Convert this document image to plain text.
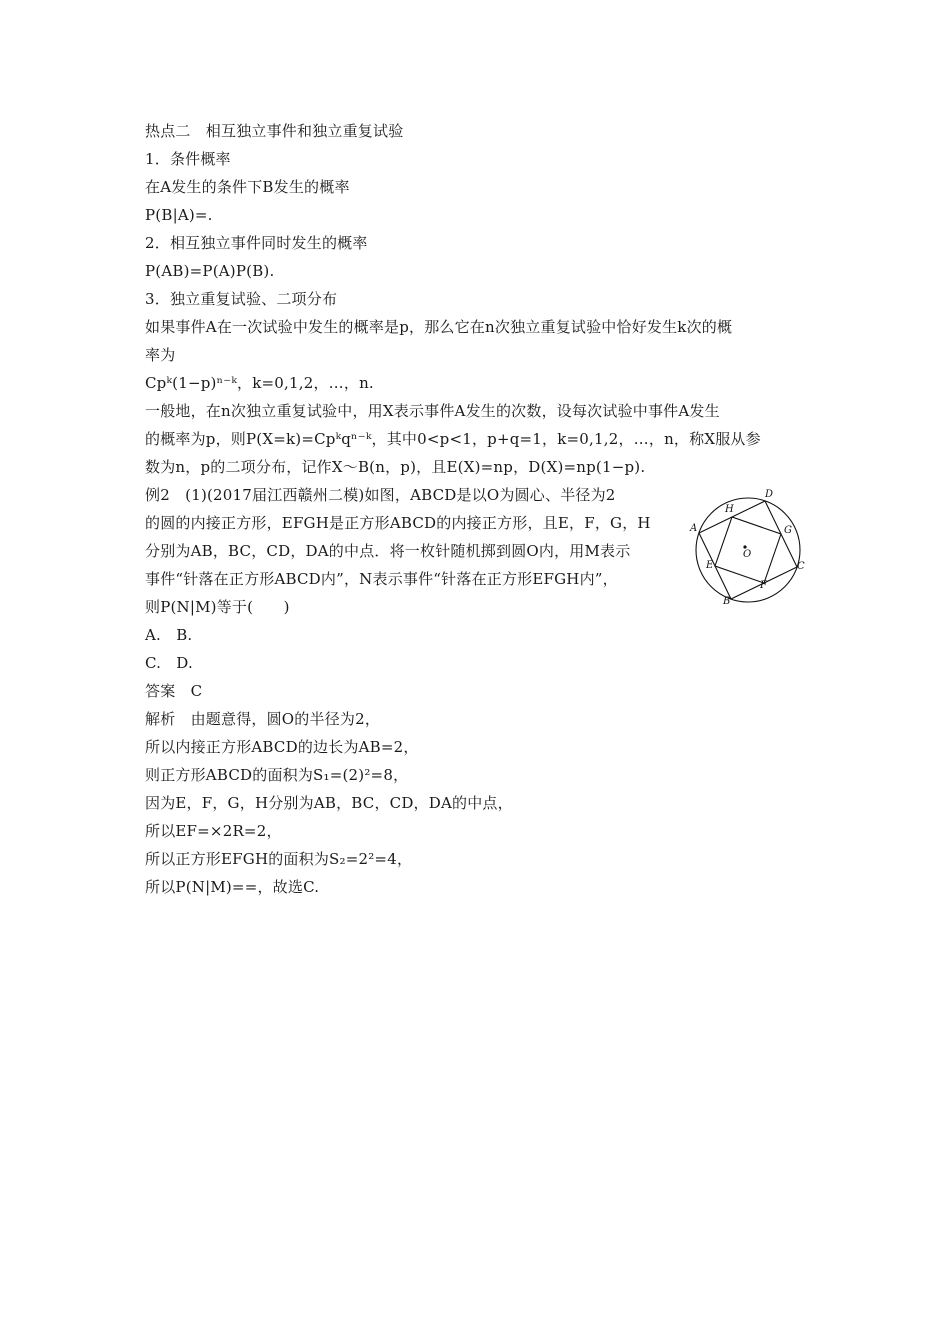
热点二　相互独立事件和独立重复试验
1．条件概率
在A发生的条件下B发生的概率
P(B|A)=.
2．相互独立事件同时发生的概率
P(AB)=P(A)P(B).
3．独立重复试验、二项分布
如果事件A在一次试验中发生的概率是p，那么它在n次独立重复试验中恰好发生k次的概
率为
Cpᵏ(1−p)ⁿ⁻ᵏ，k=0,1,2，…，n.
一般地，在n次独立重复试验中，用X表示事件A发生的次数，设每次试验中事件A发生
的概率为p，则P(X=k)=Cpᵏqⁿ⁻ᵏ，其中0<p<1，p+q=1，k=0,1,2，…，n，称X服从参
数为n，p的二项分布，记作X～B(n，p)，且E(X)=np，D(X)=np(1−p).
例2　(1)(2017届江西赣州二模)如图，ABCD是以O为圆心、半径为2
的圆的内接正方形，EFGH是正方形ABCD的内接正方形，且E，F，G，H
分别为AB，BC，CD，DA的中点．将一枚针随机掷到圆O内，用M表示
事件“针落在正方形ABCD内”，N表示事件“针落在正方形EFGH内”，
则P(N|M)等于(　　)
A.　B.
C.　D.
答案　C
解析　由题意得，圆O的半径为2，
所以内接正方形ABCD的边长为AB=2，
则正方形ABCD的面积为S₁=(2)²=8，
因为E，F，G，H分别为AB，BC，CD，DA的中点，
所以EF=×2R=2，
所以正方形EFGH的面积为S₂=2²=4，
所以P(N|M)==，故选C.
A
B
C
D
E
F
G
H
O
